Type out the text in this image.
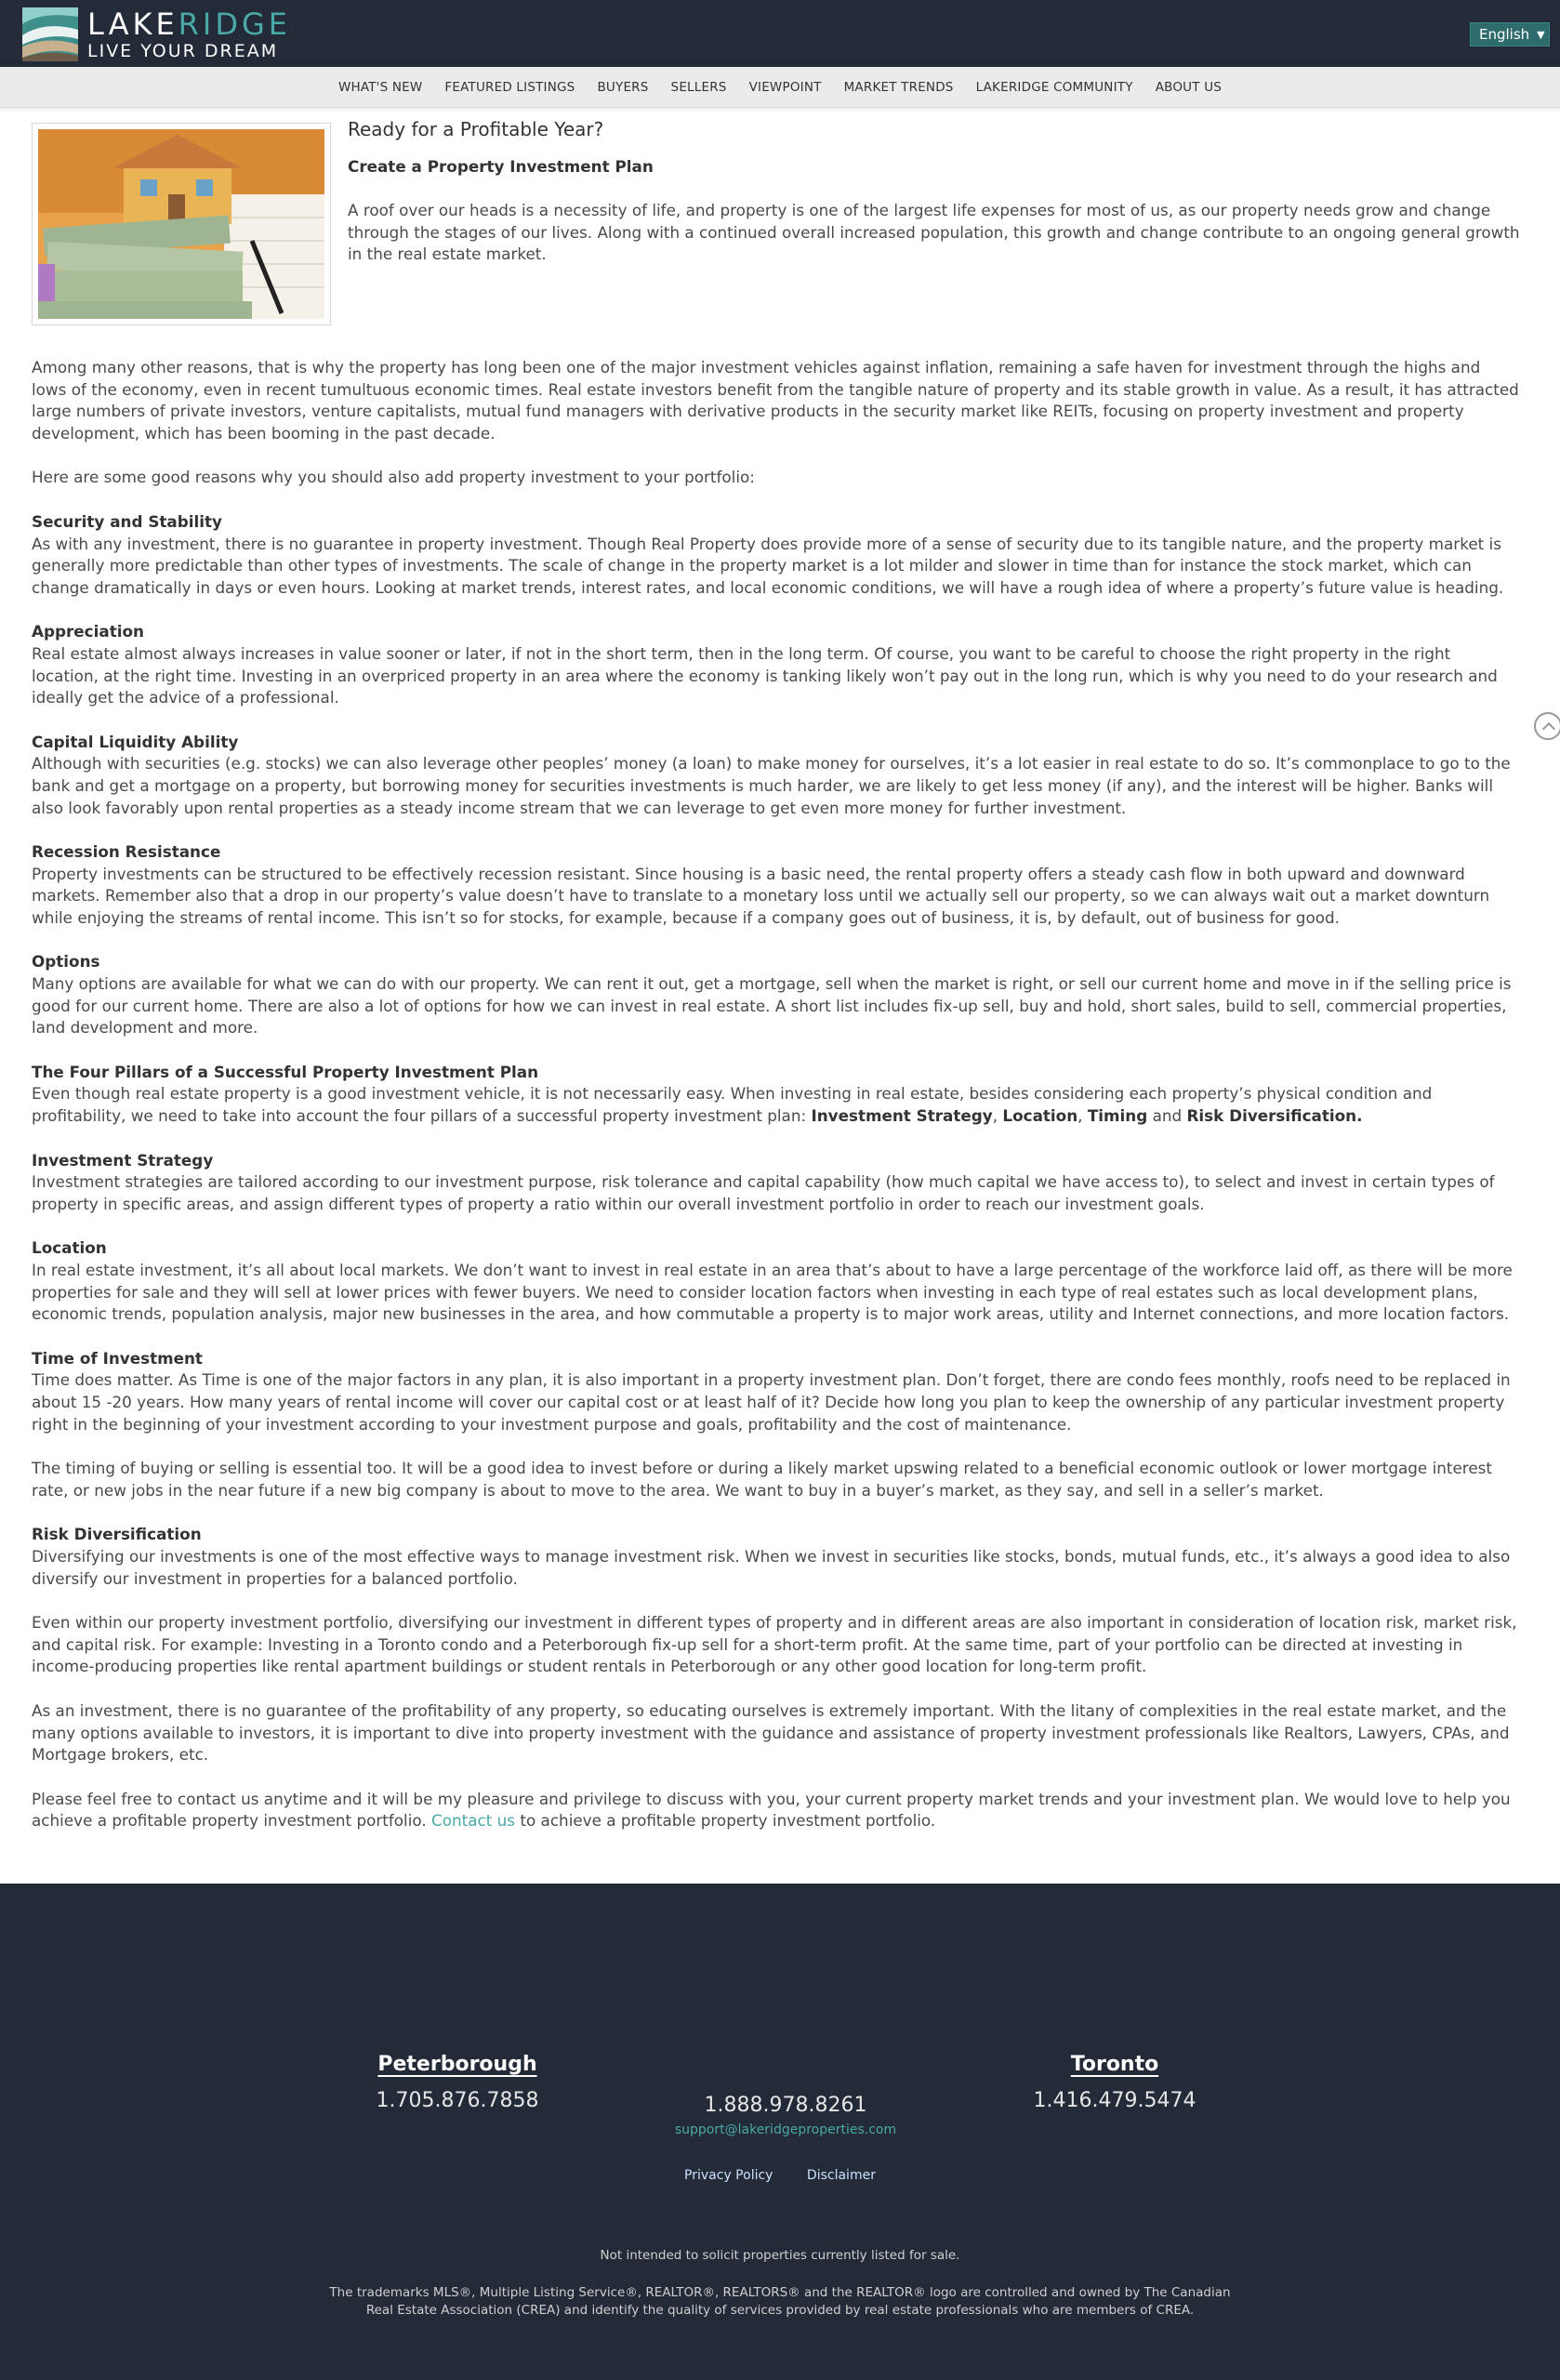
LAKERIDGE
LIVE YOUR DREAM
English ▼
WHAT'S NEW	FEATURED LISTINGS	BUYERS	SELLERS	VIEWPOINT	MARKET TRENDS	LAKERIDGE COMMUNITY	ABOUT US
Ready for a Profitable Year?
Create a Property Investment Plan

A roof over our heads is a necessity of life, and property is one of the largest life expenses for most of us, as our property needs grow and change through the stages of our lives. Along with a continued overall increased population, this growth and change contribute to an ongoing general growth in the real estate market.

Among many other reasons, that is why the property has long been one of the major investment vehicles against inflation, remaining a safe haven for investment through the highs and lows of the economy, even in recent tumultuous economic times. Real estate investors benefit from the tangible nature of property and its stable growth in value. As a result, it has attracted large numbers of private investors, venture capitalists, mutual fund managers with derivative products in the security market like REITs, focusing on property investment and property development, which has been booming in the past decade.

Here are some good reasons why you should also add property investment to your portfolio:

Security and Stability

As with any investment, there is no guarantee in property investment. Though Real Property does provide more of a sense of security due to its tangible nature, and the property market is generally more predictable than other types of investments. The scale of change in the property market is a lot milder and slower in time than for instance the stock market, which can change dramatically in days or even hours. Looking at market trends, interest rates, and local economic conditions, we will have a rough idea of where a property’s future value is heading.

Appreciation

Real estate almost always increases in value sooner or later, if not in the short term, then in the long term. Of course, you want to be careful to choose the right property in the right location, at the right time. Investing in an overpriced property in an area where the economy is tanking likely won’t pay out in the long run, which is why you need to do your research and ideally get the advice of a professional.

Capital Liquidity Ability

Although with securities (e.g. stocks) we can also leverage other peoples’ money (a loan) to make money for ourselves, it’s a lot easier in real estate to do so. It’s commonplace to go to the bank and get a mortgage on a property, but borrowing money for securities investments is much harder, we are likely to get less money (if any), and the interest will be higher. Banks will also look favorably upon rental properties as a steady income stream that we can leverage to get even more money for further investment.

Recession Resistance

Property investments can be structured to be effectively recession resistant. Since housing is a basic need, the rental property offers a steady cash flow in both upward and downward markets. Remember also that a drop in our property’s value doesn’t have to translate to a monetary loss until we actually sell our property, so we can always wait out a market downturn while enjoying the streams of rental income. This isn’t so for stocks, for example, because if a company goes out of business, it is, by default, out of business for good.

Options

Many options are available for what we can do with our property. We can rent it out, get a mortgage, sell when the market is right, or sell our current home and move in if the selling price is good for our current home. There are also a lot of options for how we can invest in real estate. A short list includes fix-up sell, buy and hold, short sales, build to sell, commercial properties, land development and more.

The Four Pillars of a Successful Property Investment Plan

Even though real estate property is a good investment vehicle, it is not necessarily easy. When investing in real estate, besides considering each property’s physical condition and profitability, we need to take into account the four pillars of a successful property investment plan: Investment Strategy, Location, Timing and Risk Diversification.

Investment Strategy

Investment strategies are tailored according to our investment purpose, risk tolerance and capital capability (how much capital we have access to), to select and invest in certain types of property in specific areas, and assign different types of property a ratio within our overall investment portfolio in order to reach our investment goals.

Location

In real estate investment, it’s all about local markets. We don’t want to invest in real estate in an area that’s about to have a large percentage of the workforce laid off, as there will be more properties for sale and they will sell at lower prices with fewer buyers. We need to consider location factors when investing in each type of real estates such as local development plans, economic trends, population analysis, major new businesses in the area, and how commutable a property is to major work areas, utility and Internet connections, and more location factors.

Time of Investment

Time does matter. As Time is one of the major factors in any plan, it is also important in a property investment plan. Don’t forget, there are condo fees monthly, roofs need to be replaced in about 15 -20 years. How many years of rental income will cover our capital cost or at least half of it? Decide how long you plan to keep the ownership of any particular investment property right in the beginning of your investment according to your investment purpose and goals, profitability and the cost of maintenance.

The timing of buying or selling is essential too. It will be a good idea to invest before or during a likely market upswing related to a beneficial economic outlook or lower mortgage interest rate, or new jobs in the near future if a new big company is about to move to the area. We want to buy in a buyer’s market, as they say, and sell in a seller’s market.

Risk Diversification

Diversifying our investments is one of the most effective ways to manage investment risk. When we invest in securities like stocks, bonds, mutual funds, etc., it’s always a good idea to also diversify our investment in properties for a balanced portfolio.

Even within our property investment portfolio, diversifying our investment in different types of property and in different areas are also important in consideration of location risk, market risk, and capital risk. For example: Investing in a Toronto condo and a Peterborough fix-up sell for a short-term profit. At the same time, part of your portfolio can be directed at investing in income-producing properties like rental apartment buildings or student rentals in Peterborough or any other good location for long-term profit.

As an investment, there is no guarantee of the profitability of any property, so educating ourselves is extremely important. With the litany of complexities in the real estate market, and the many options available to investors, it is important to dive into property investment with the guidance and assistance of property investment professionals like Realtors, Lawyers, CPAs, and Mortgage brokers, etc.

Please feel free to contact us anytime and it will be my pleasure and privilege to discuss with you, your current property market trends and your investment plan. We would love to help you achieve a profitable property investment portfolio. Contact us to achieve a profitable property investment portfolio.

Peterborough
1.705.876.7858	1.888.978.8261
support@lakeridgeproperties.com
Toronto
1.416.479.5474
Privacy Policy	Disclaimer
Not intended to solicit properties currently listed for sale.
The trademarks MLS®, Multiple Listing Service®, REALTOR®, REALTORS® and the REALTOR® logo are controlled and owned by The Canadian Real Estate Association (CREA) and identify the quality of services provided by real estate professionals who are members of CREA.
